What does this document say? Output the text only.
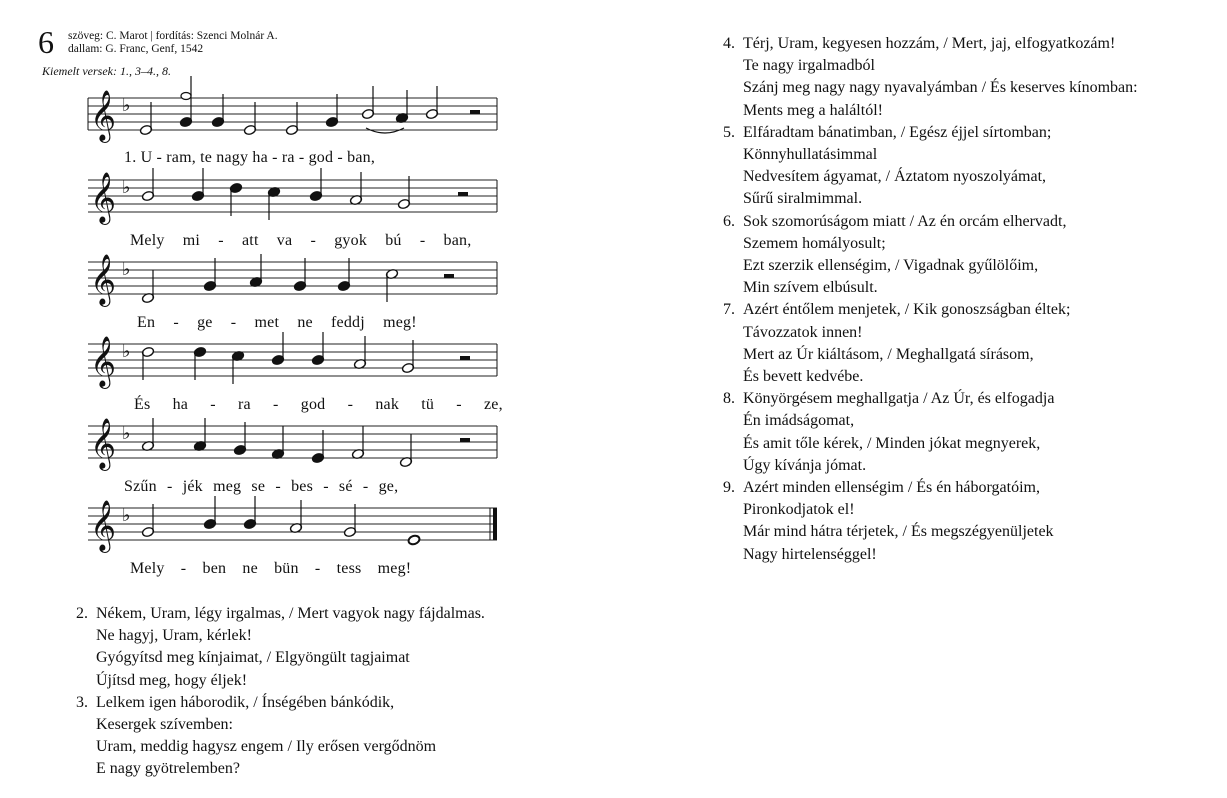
6 szöveg: C. Marot | fordítás: Szenci Molnár A.
dallam: G. Franc, Genf, 1542
Kiemelt versek: 1., 3–4., 8.
𝄞 ♭
𝄞 ♭
𝄞 ♭
𝄞 ♭
𝄞 ♭
𝄞 ♭
1. U - ram, te nagy ha - ra - god - ban,
Mely mi - att va - gyok bú - ban,
En - ge - met ne feddj meg!
És ha - ra - god - nak tü - ze,
Szűn - jék meg se - bes - sé - ge,
Mely - ben ne bün - tess meg!
2. Nékem, Uram, légy irgalmas, / Mert vagyok nagy fájdalmas.
Ne hagyj, Uram, kérlek!
Gyógyítsd meg kínjaimat, / Elgyöngült tagjaimat
Újítsd meg, hogy éljek!
3. Lelkem igen háborodik, / Ínségében bánkódik,
Kesergek szívemben:
Uram, meddig hagysz engem / Ily erősen vergődnöm
E nagy gyötrelemben?
4. Térj, Uram, kegyesen hozzám, / Mert, jaj, elfogyatkozám!
Te nagy irgalmadból
Szánj meg nagy nagy nyavalyámban / És keserves kínomban:
Ments meg a haláltól!
5. Elfáradtam bánatimban, / Egész éjjel sírtomban;
Könnyhullatásimmal
Nedvesítem ágyamat, / Áztatom nyoszolyámat,
Sűrű siralmimmal.
6. Sok szomorúságom miatt / Az én orcám elhervadt,
Szemem homályosult;
Ezt szerzik ellenségim, / Vigadnak gyűlölőim,
Min szívem elbúsult.
7. Azért éntőlem menjetek, / Kik gonoszságban éltek;
Távozzatok innen!
Mert az Úr kiáltásom, / Meghallgatá sírásom,
És bevett kedvébe.
8. Könyörgésem meghallgatja / Az Úr, és elfogadja
Én imádságomat,
És amit tőle kérek, / Minden jókat megnyerek,
Úgy kívánja jómat.
9. Azért minden ellenségim / És én háborgatóim,
Pironkodjatok el!
Már mind hátra térjetek, / És megszégyenüljetek
Nagy hirtelenséggel!
